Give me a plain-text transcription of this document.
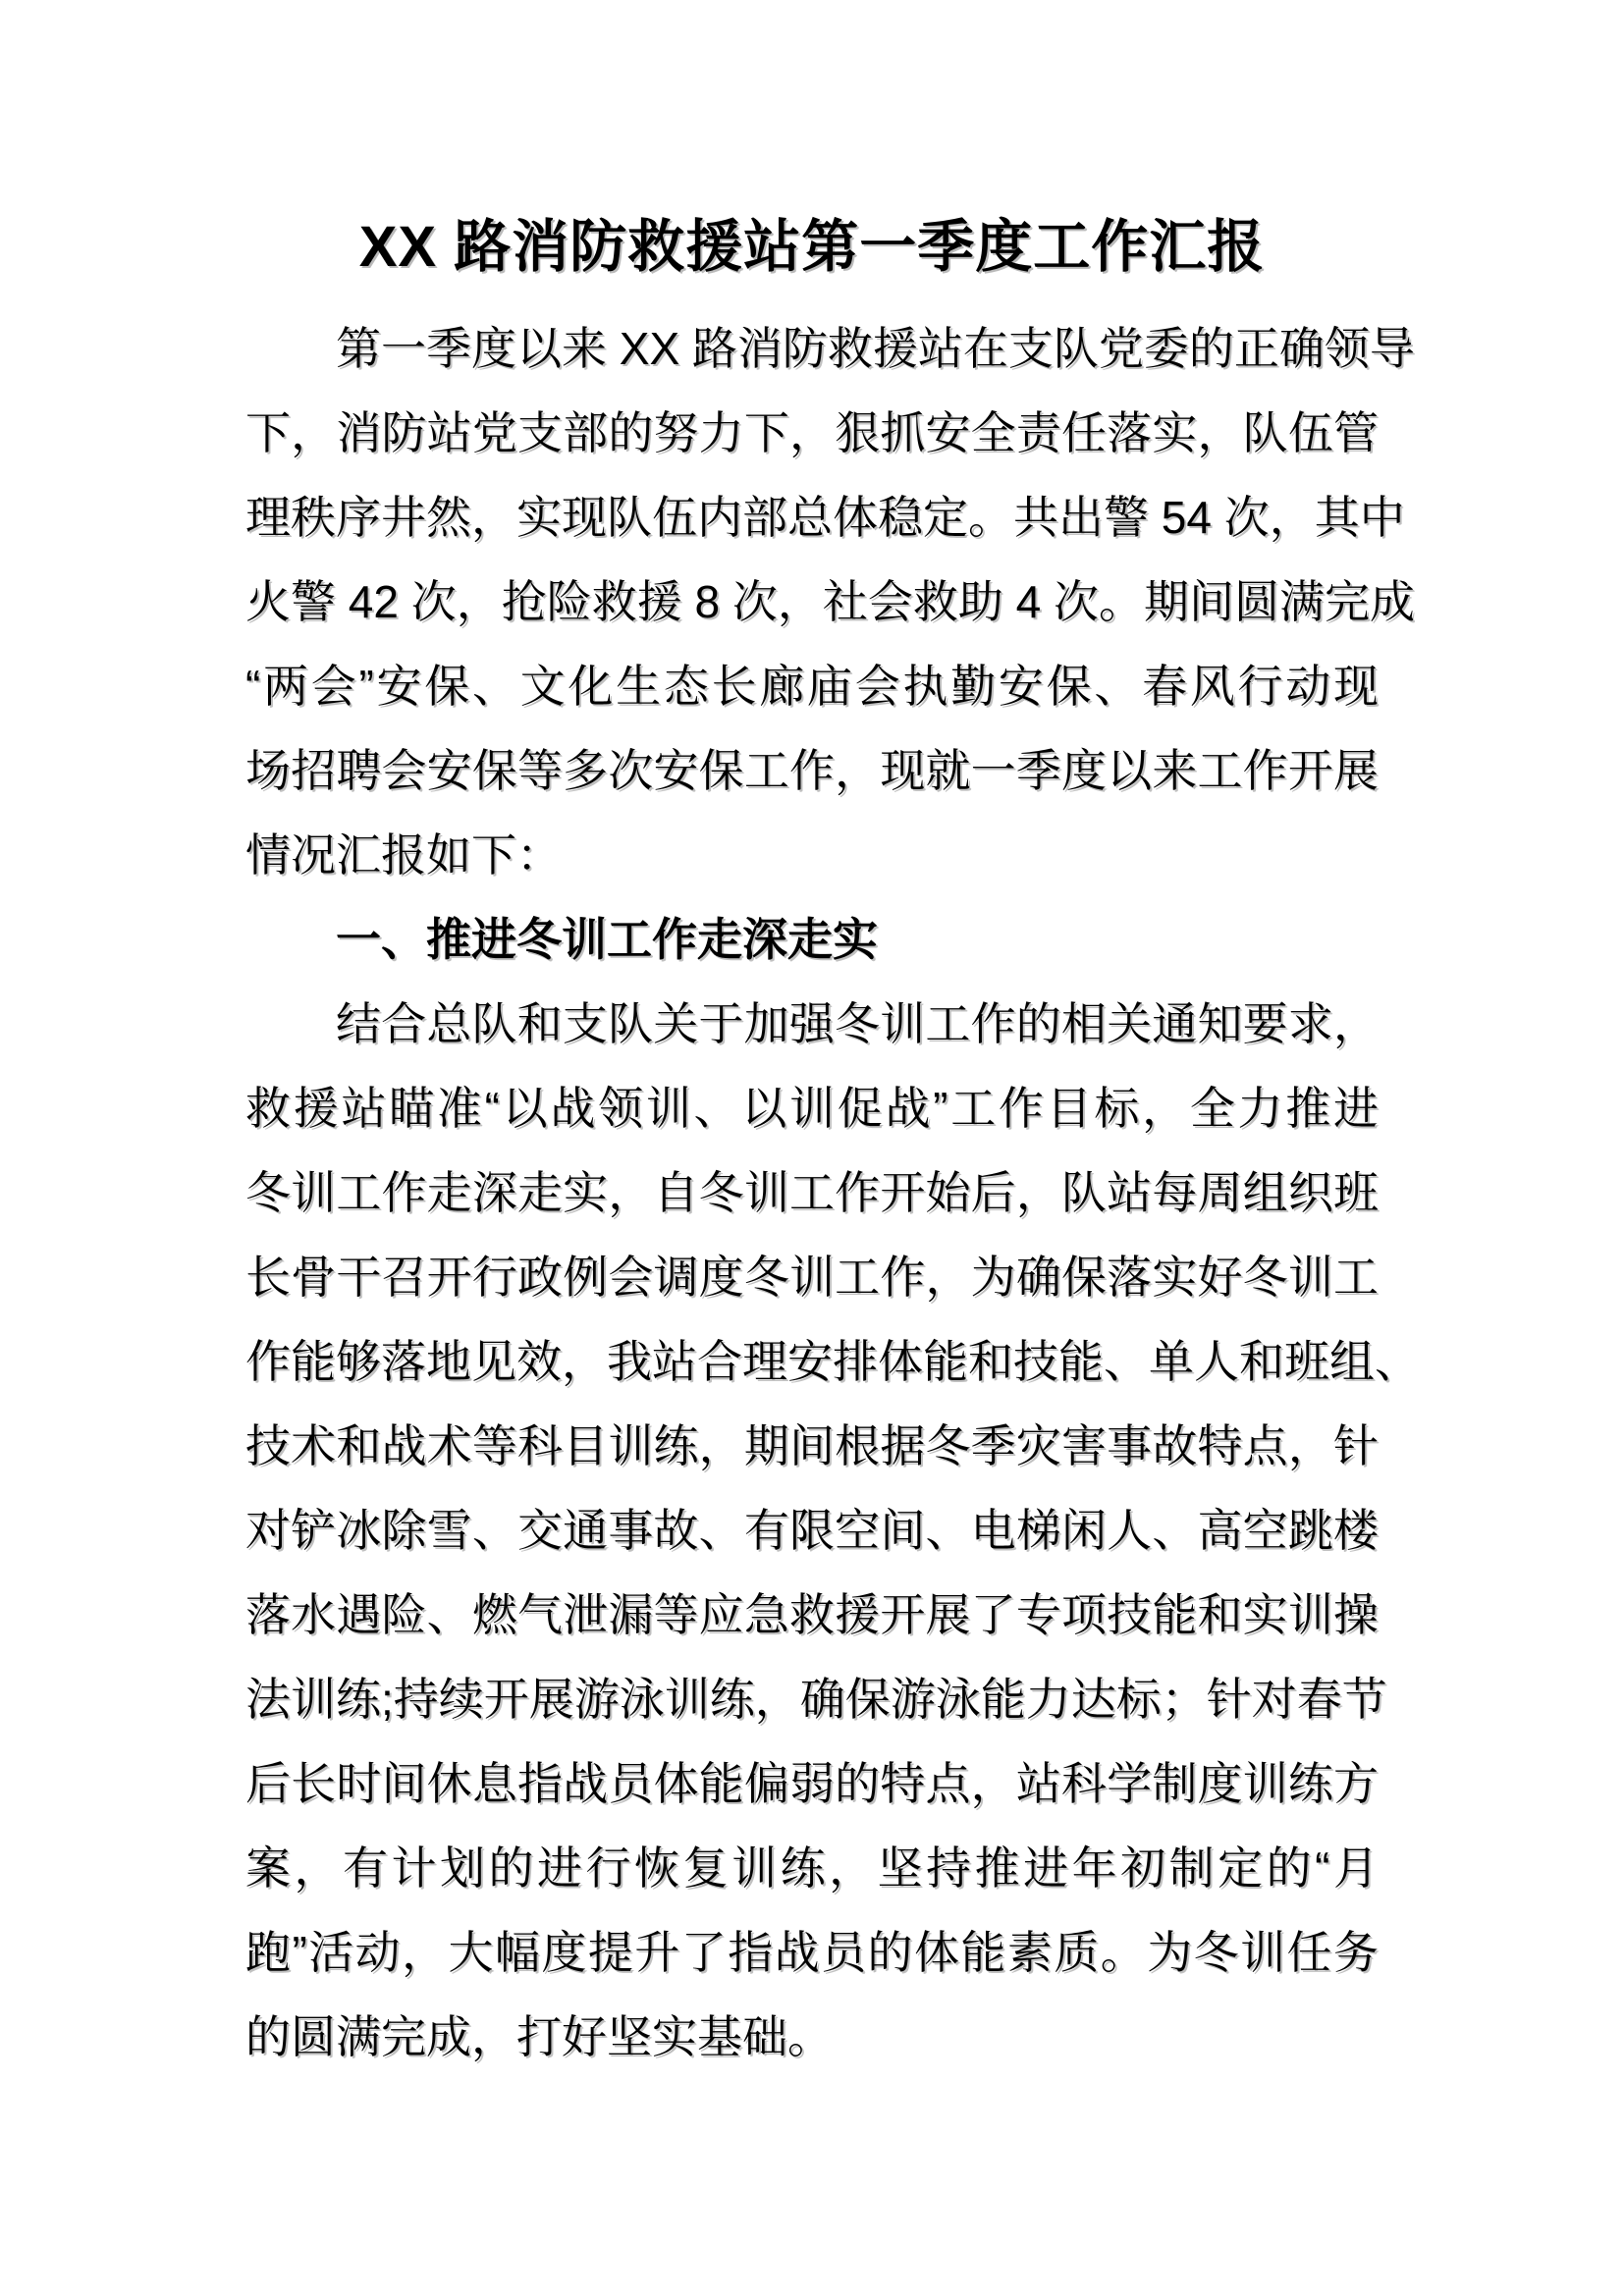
XX 路消防救援站第一季度工作汇报
第一季度以来 XX 路消防救援站在支队党委的正确领导
下，消防站党支部的努力下，狠抓安全责任落实，队伍管
理秩序井然，实现队伍内部总体稳定。共出警 54 次，其中
火警 42 次，抢险救援 8 次，社会救助 4 次。期间圆满完成
“两会”安保、文化生态长廊庙会执勤安保、春风行动现
场招聘会安保等多次安保工作，现就一季度以来工作开展
情况汇报如下：
一、推进冬训工作走深走实
结合总队和支队关于加强冬训工作的相关通知要求，
救援站瞄准“以战领训、以训促战”工作目标，全力推进
冬训工作走深走实，自冬训工作开始后，队站每周组织班
长骨干召开行政例会调度冬训工作，为确保落实好冬训工
作能够落地见效，我站合理安排体能和技能、单人和班组、
技术和战术等科目训练，期间根据冬季灾害事故特点，针
对铲冰除雪、交通事故、有限空间、电梯闲人、高空跳楼
落水遇险、燃气泄漏等应急救援开展了专项技能和实训操
法训练;持续开展游泳训练，确保游泳能力达标；针对春节
后长时间休息指战员体能偏弱的特点，站科学制度训练方
案，有计划的进行恢复训练，坚持推进年初制定的“月
跑”活动，大幅度提升了指战员的体能素质。为冬训任务
的圆满完成，打好坚实基础。
